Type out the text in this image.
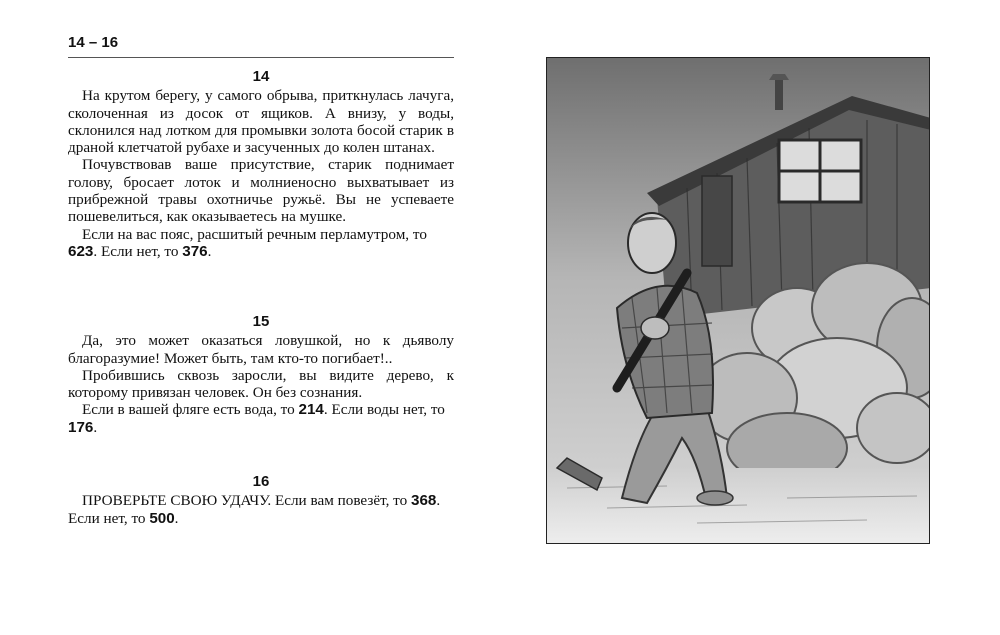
14 – 16
14

На крутом берегу, у самого обрыва, приткнулась лачуга, сколоченная из досок от ящиков. А внизу, у воды, склонился над лотком для промывки золота босой старик в драной клетчатой рубахе и засученных до колен штанах.

Почувствовав ваше присутствие, старик поднимает голову, бросает лоток и молниеносно выхватывает из прибрежной травы охотничье ружьё. Вы не успеваете пошевелиться, как оказываетесь на мушке.

Если на вас пояс, расшитый речным перламутром, то 623. Если нет, то 376.

15

Да, это может оказаться ловушкой, но к дьяволу благоразумие! Может быть, там кто-то погибает!..

Пробившись сквозь заросли, вы видите дерево, к которому привязан человек. Он без сознания.

Если в вашей фляге есть вода, то 214. Если воды нет, то 176.

16

ПРОВЕРЬТЕ СВОЮ УДАЧУ. Если вам повезёт, то 368. Если нет, то 500.
